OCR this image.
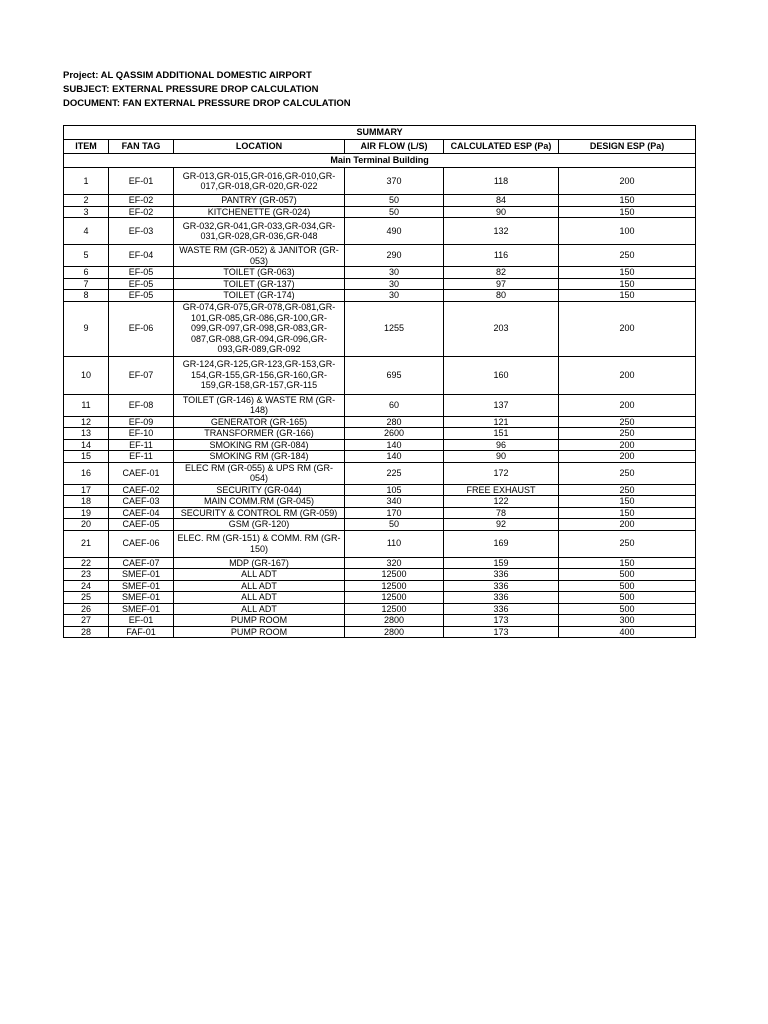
Project: AL QASSIM ADDITIONAL DOMESTIC AIRPORT
SUBJECT: EXTERNAL PRESSURE DROP CALCULATION
DOCUMENT: FAN EXTERNAL PRESSURE DROP CALCULATION
SUMMARY					
ITEM	FAN TAG	LOCATION	AIR FLOW (L/S)	CALCULATED ESP (Pa)	DESIGN ESP (Pa)
Main Terminal Building					
1	EF-01	GR-013,GR-015,GR-016,GR-010,GR-017,GR-018,GR-020,GR-022	370	118	200
2	EF-02	PANTRY (GR-057)	50	84	150
3	EF-02	KITCHENETTE (GR-024)	50	90	150
4	EF-03	GR-032,GR-041,GR-033,GR-034,GR-031,GR-028,GR-036,GR-048	490	132	100
5	EF-04	WASTE RM (GR-052) & JANITOR (GR-053)	290	116	250
6	EF-05	TOILET (GR-063)	30	82	150
7	EF-05	TOILET (GR-137)	30	97	150
8	EF-05	TOILET (GR-174)	30	80	150
9	EF-06	GR-074,GR-075,GR-078,GR-081,GR-101,GR-085,GR-086,GR-100,GR-099,GR-097,GR-098,GR-083,GR-087,GR-088,GR-094,GR-096,GR-093,GR-089,GR-092	1255	203	200
10	EF-07	GR-124,GR-125,GR-123,GR-153,GR-154,GR-155,GR-156,GR-160,GR-159,GR-158,GR-157,GR-115	695	160	200
11	EF-08	TOILET (GR-146) & WASTE RM (GR-148)	60	137	200
12	EF-09	GENERATOR (GR-165)	280	121	250
13	EF-10	TRANSFORMER (GR-166)	2600	151	250
14	EF-11	SMOKING RM (GR-084)	140	96	200
15	EF-11	SMOKING RM (GR-184)	140	90	200
16	CAEF-01	ELEC RM (GR-055) & UPS RM (GR-054)	225	172	250
17	CAEF-02	SECURITY (GR-044)	105	FREE EXHAUST	250
18	CAEF-03	MAIN COMM.RM (GR-045)	340	122	150
19	CAEF-04	SECURITY & CONTROL RM (GR-059)	170	78	150
20	CAEF-05	GSM (GR-120)	50	92	200
21	CAEF-06	ELEC. RM (GR-151) & COMM. RM (GR-150)	110	169	250
22	CAEF-07	MDP (GR-167)	320	159	150
23	SMEF-01	ALL ADT	12500	336	500
24	SMEF-01	ALL ADT	12500	336	500
25	SMEF-01	ALL ADT	12500	336	500
26	SMEF-01	ALL ADT	12500	336	500
27	EF-01	PUMP ROOM	2800	173	300
28	FAF-01	PUMP ROOM	2800	173	400
